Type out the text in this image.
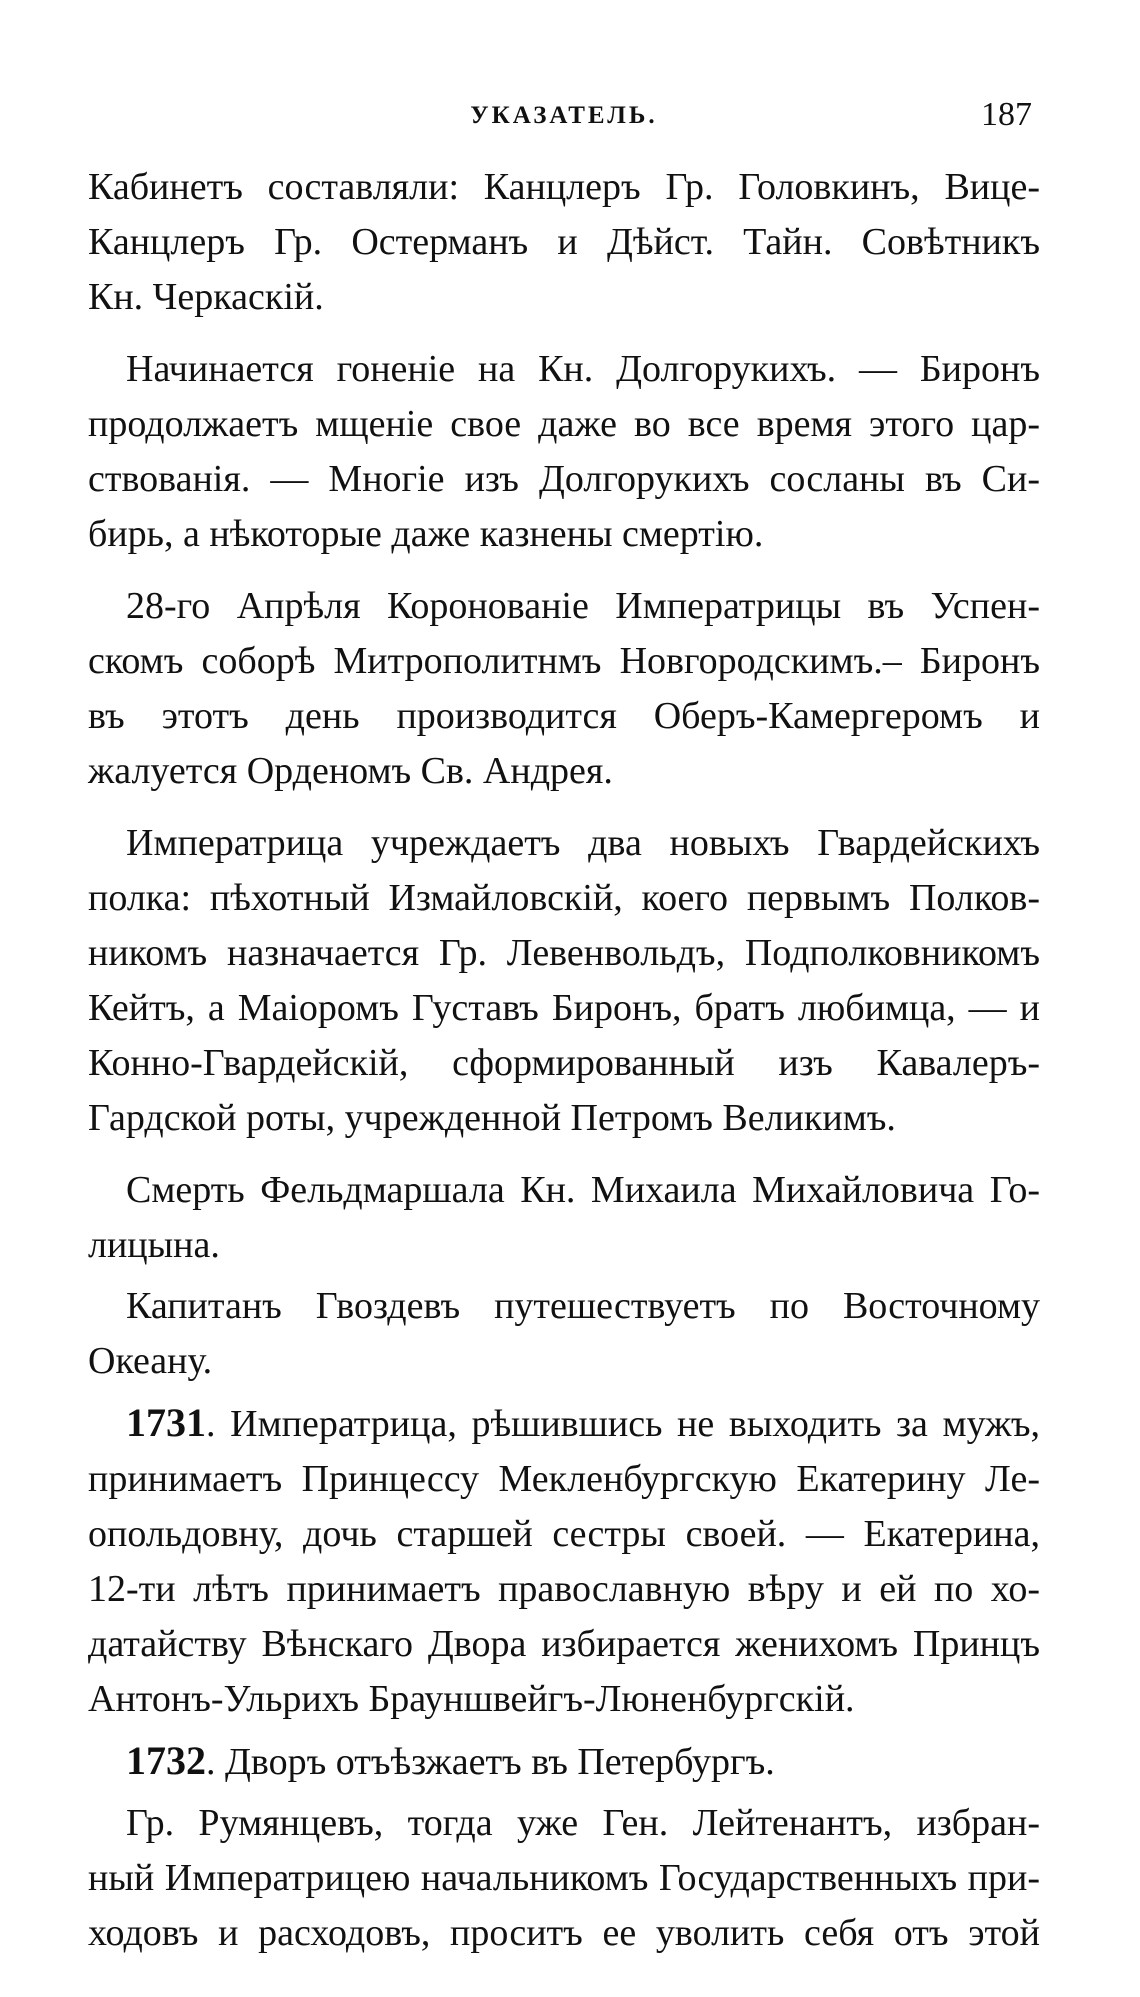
УКАЗАТЕЛЬ.	187

Кабинетъ составляли: Канцлеръ Гр. Головкинъ, Вице-
Канцлеръ Гр. Остерманъ и Дѣйст. Тайн. Совѣтникъ
Кн. Черкаскій.

Начинается гоненіе на Кн. Долгорукихъ. — Биронъ
продолжаетъ мщеніе свое даже во все время этого цар-
ствованія. — Многіе изъ Долгорукихъ сосланы въ Си-
бирь, а нѣкоторые даже казнены смертію.

28-го Апрѣля Коронованіе Императрицы въ Успен-
скомъ соборѣ Митрополитнмъ Новгородскимъ.– Биронъ
въ этотъ день производится Оберъ-Камергеромъ и
жалуется Орденомъ Св. Андрея.

Императрица учреждаетъ два новыхъ Гвардейскихъ
полка: пѣхотный Измайловскій, коего первымъ Полков-
никомъ назначается Гр. Левенвольдъ, Подполковникомъ
Кейтъ, а Маіоромъ Густавъ Биронъ, братъ любимца, — и
Конно-Гвардейскій, сформированный изъ Кавалеръ-
Гардской роты, учрежденной Петромъ Великимъ.

Смерть Фельдмаршала Кн. Михаила Михайловича Го-
лицына.

Капитанъ Гвоздевъ путешествуетъ по Восточному
Океану.

1731. Императрица, рѣшившись не выходить за мужъ,
принимаетъ Принцессу Мекленбургскую Екатерину Ле-
опольдовну, дочь старшей сестры своей. — Екатерина,
12-ти лѣтъ принимаетъ православную вѣру и ей по хо-
датайству Вѣнскаго Двора избирается женихомъ Принцъ
Антонъ-Ульрихъ Брауншвейгъ-Люненбургскій.

1732. Дворъ отъѣзжаетъ въ Петербургъ.

Гр. Румянцевъ, тогда уже Ген. Лейтенантъ, избран-
ный Императрицею начальникомъ Государственныхъ при-
ходовъ и расходовъ, проситъ ее уволить себя отъ этой
